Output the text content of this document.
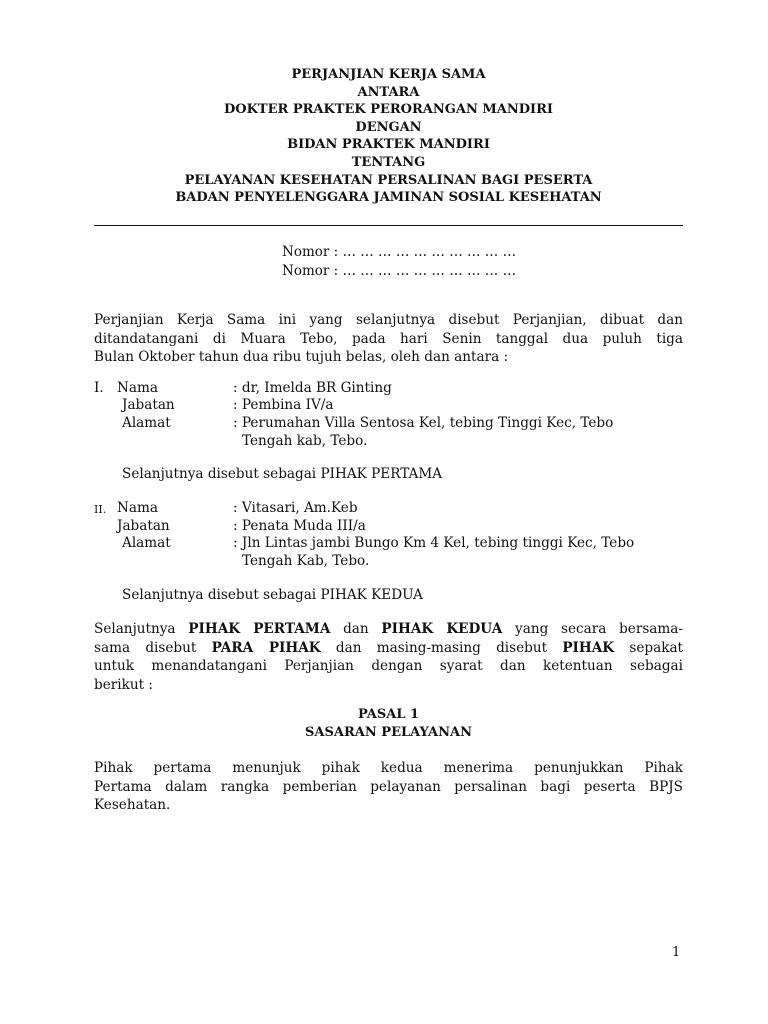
PERJANJIAN KERJA SAMA
ANTARA
DOKTER PRAKTEK PERORANGAN MANDIRI
DENGAN
BIDAN PRAKTEK MANDIRI
TENTANG
PELAYANAN KESEHATAN PERSALINAN BAGI PESERTA
BADAN PENYELENGGARA JAMINAN SOSIAL KESEHATAN
Nomor : … … … … … … … … … …
Nomor : … … … … … … … … … …
Perjanjian Kerja Sama ini yang selanjutnya disebut Perjanjian, dibuat dan
ditandatangani di Muara Tebo, pada hari Senin tanggal dua puluh tiga
Bulan Oktober tahun dua ribu tujuh belas, oleh dan antara :
I. Nama	: dr, Imelda BR Ginting
Jabatan	: Pembina IV/a
Alamat	: Perumahan Villa Sentosa Kel, tebing Tinggi Kec, Tebo
Tengah kab, Tebo.
Selanjutnya disebut sebagai PIHAK PERTAMA
II. Nama	: Vitasari, Am.Keb
Jabatan	: Penata Muda III/a
Alamat	: Jln Lintas jambi Bungo Km 4 Kel, tebing tinggi Kec, Tebo
Tengah Kab, Tebo.
Selanjutnya disebut sebagai PIHAK KEDUA
Selanjutnya PIHAK PERTAMA dan PIHAK KEDUA yang secara bersama-
sama disebut PARA PIHAK dan masing-masing disebut PIHAK sepakat
untuk menandatangani Perjanjian dengan syarat dan ketentuan sebagai
berikut :
PASAL 1
SASARAN PELAYANAN
Pihak pertama menunjuk pihak kedua menerima penunjukkan Pihak
Pertama dalam rangka pemberian pelayanan persalinan bagi peserta BPJS
Kesehatan.
1
